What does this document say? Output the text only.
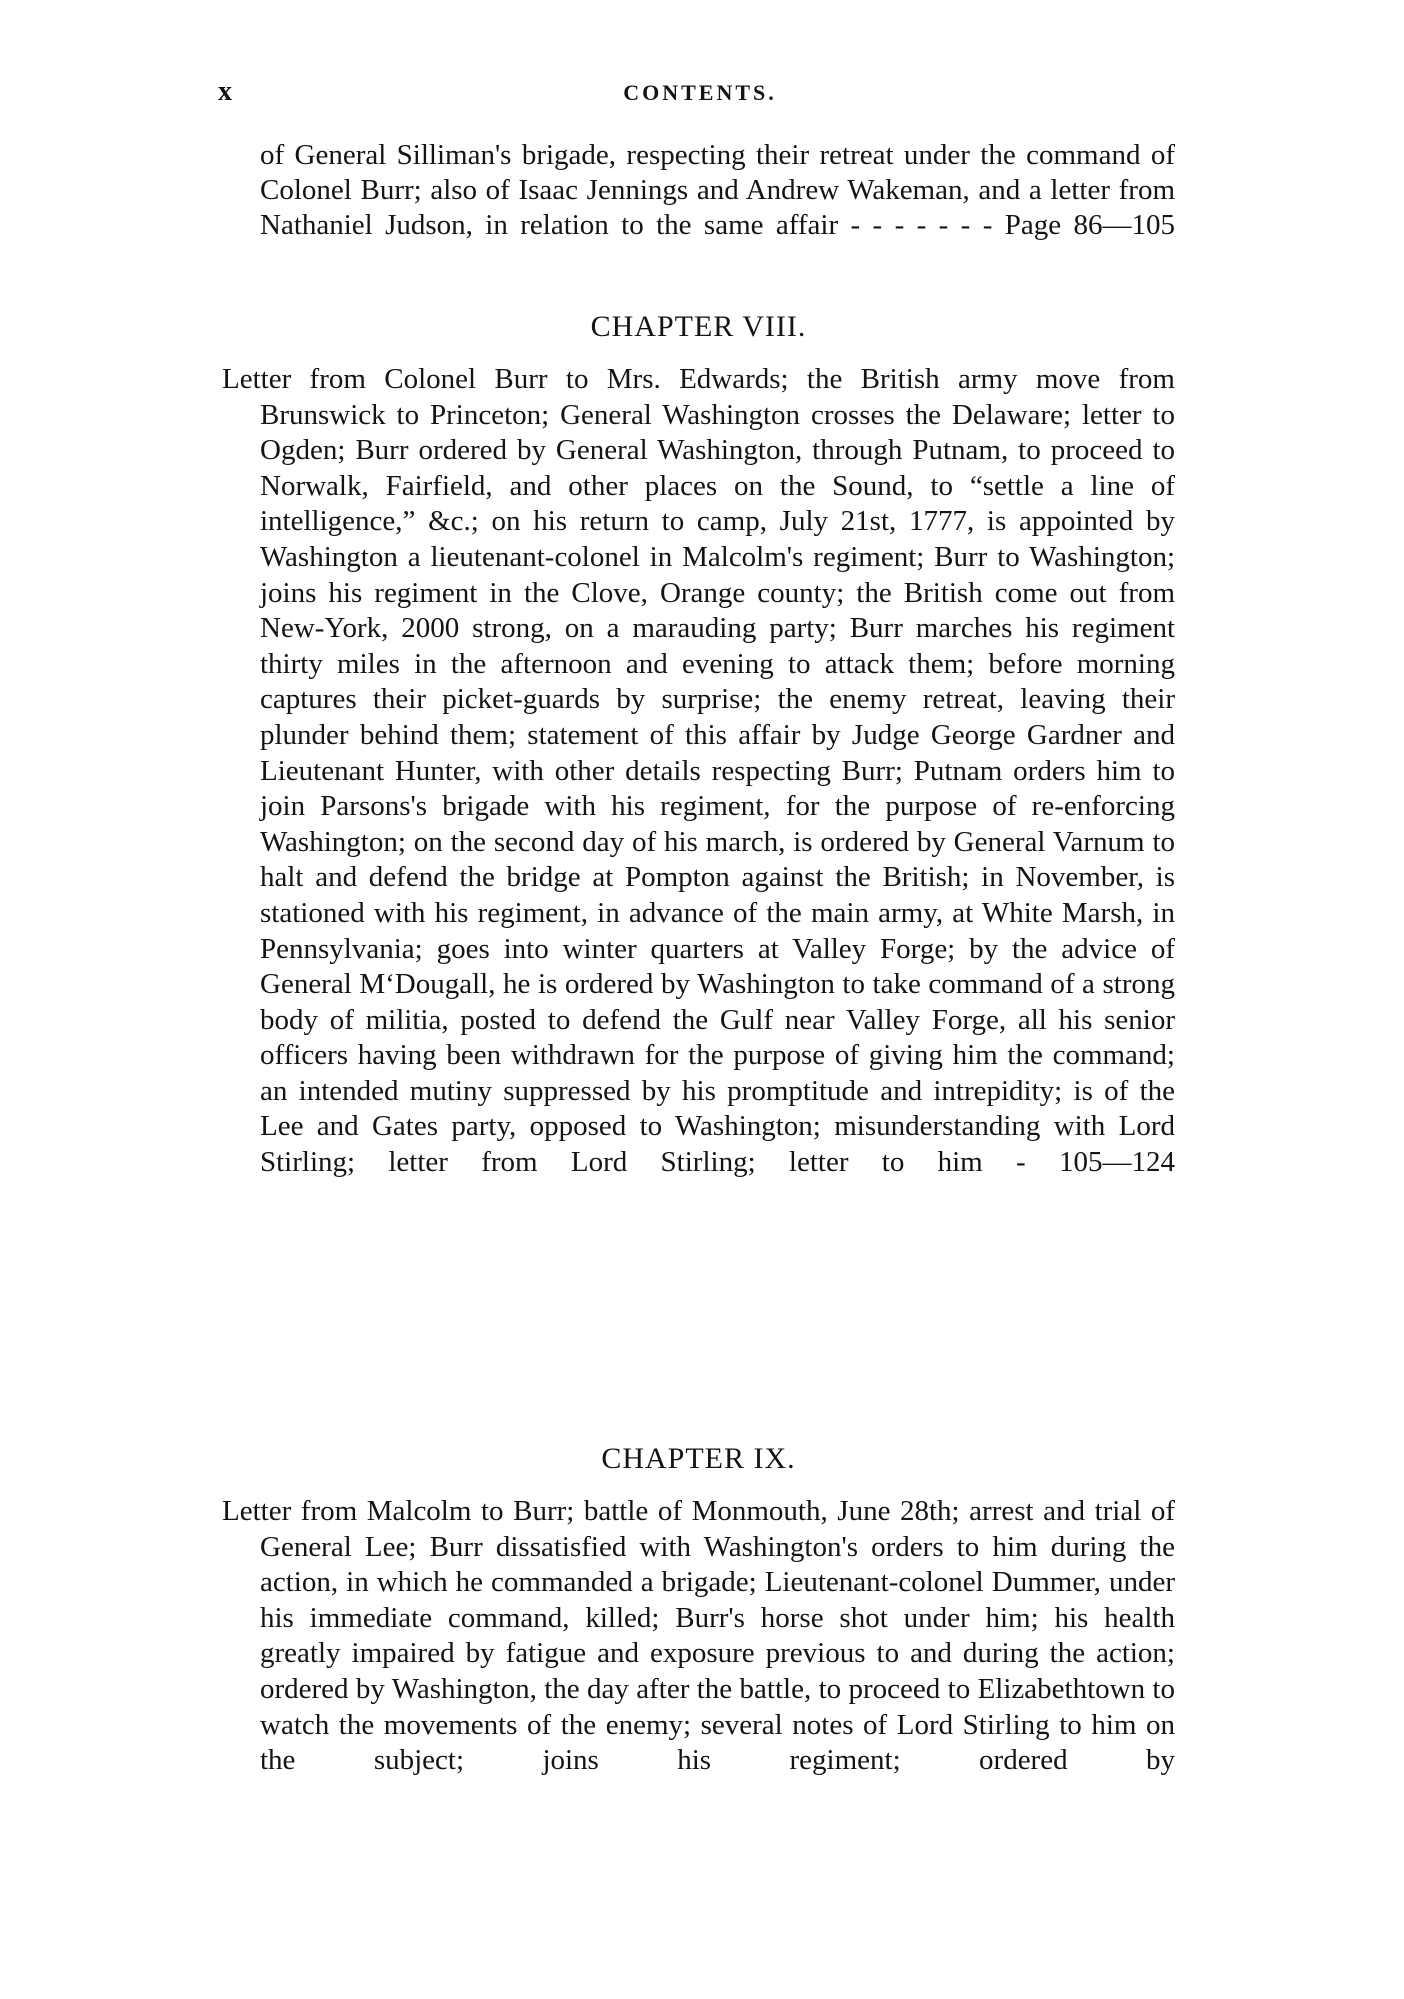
x	CONTENTS.

of General Silliman's brigade, respecting their retreat under the command of Colonel Burr; also of Isaac Jennings and Andrew Wakeman, and a letter from Nathaniel Judson, in relation to the same affair - - - - - - - Page 86—105

CHAPTER VIII.

Letter from Colonel Burr to Mrs. Edwards; the British army move from Brunswick to Princeton; General Washington crosses the Delaware; letter to Ogden; Burr ordered by General Washington, through Putnam, to proceed to Norwalk, Fairfield, and other places on the Sound, to “settle a line of intelligence,” &c.; on his return to camp, July 21st, 1777, is appointed by Washington a lieutenant-colonel in Malcolm's regiment; Burr to Washington; joins his regiment in the Clove, Orange county; the British come out from New-York, 2000 strong, on a marauding party; Burr marches his regiment thirty miles in the afternoon and evening to attack them; before morning captures their picket-guards by surprise; the enemy retreat, leaving their plunder behind them; statement of this affair by Judge George Gardner and Lieutenant Hunter, with other details respecting Burr; Putnam orders him to join Parsons's brigade with his regiment, for the purpose of re-enforcing Washington; on the second day of his march, is ordered by General Varnum to halt and defend the bridge at Pompton against the British; in November, is stationed with his regiment, in advance of the main army, at White Marsh, in Pennsylvania; goes into winter quarters at Valley Forge; by the advice of General M‘Dougall, he is ordered by Washington to take command of a strong body of militia, posted to defend the Gulf near Valley Forge, all his senior officers having been withdrawn for the purpose of giving him the command; an intended mutiny suppressed by his promptitude and intrepidity; is of the Lee and Gates party, opposed to Washington; misunderstanding with Lord Stirling; letter from Lord Stirling; letter to him - 105—124

CHAPTER IX.

Letter from Malcolm to Burr; battle of Monmouth, June 28th; arrest and trial of General Lee; Burr dissatisfied with Washington's orders to him during the action, in which he commanded a brigade; Lieutenant-colonel Dummer, under his immediate command, killed; Burr's horse shot under him; his health greatly impaired by fatigue and exposure previous to and during the action; ordered by Washington, the day after the battle, to proceed to Elizabethtown to watch the movements of the enemy; several notes of Lord Stirling to him on the subject; joins his regiment; ordered by
